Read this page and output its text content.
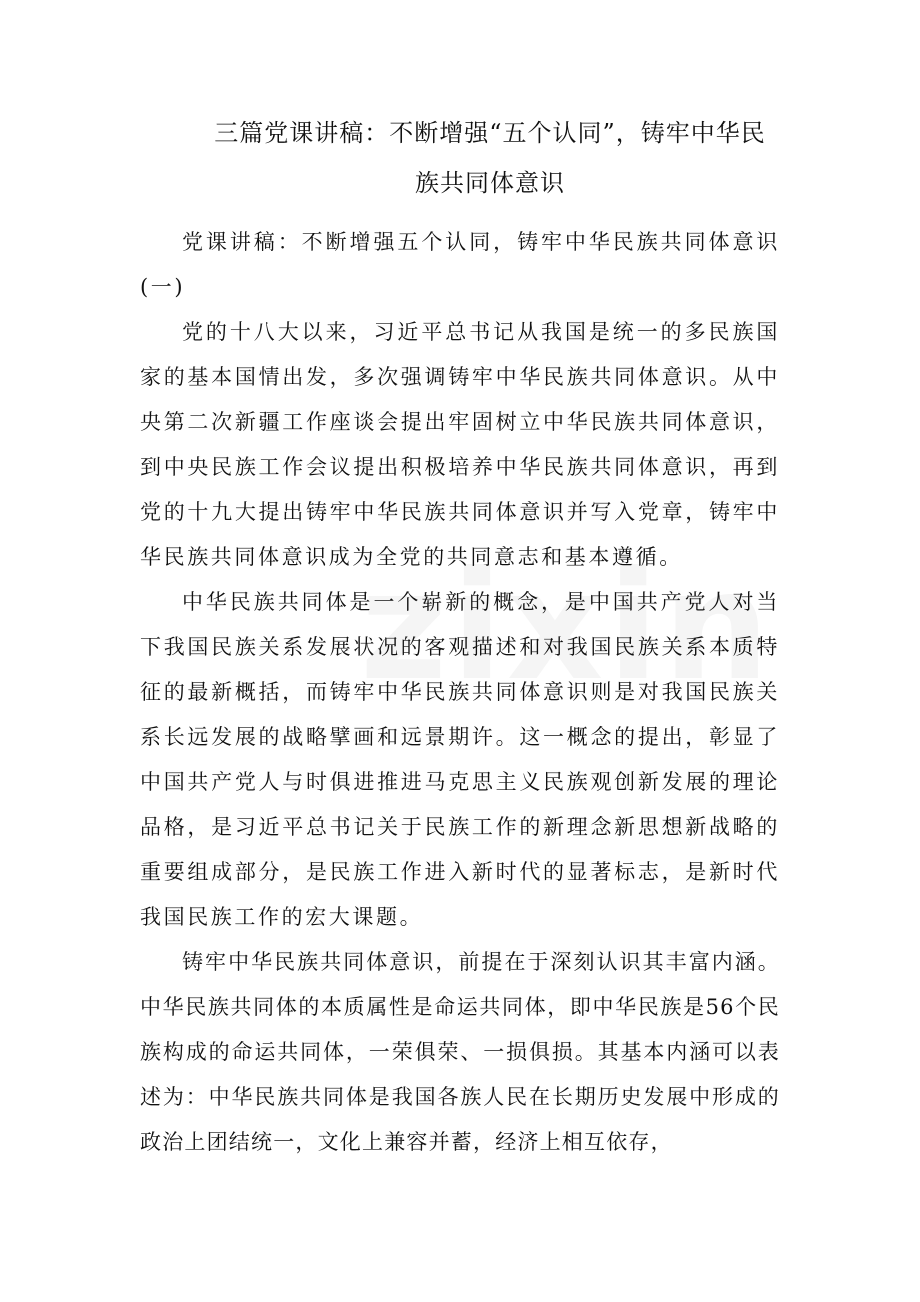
三篇党课讲稿：不断增强“五个认同”，铸牢中华民
族共同体意识

党课讲稿：不断增强五个认同，铸牢中华民族共同体意识(一)

党的十八大以来，习近平总书记从我国是统一的多民族国家的基本国情出发，多次强调铸牢中华民族共同体意识。从中央第二次新疆工作座谈会提出牢固树立中华民族共同体意识，到中央民族工作会议提出积极培养中华民族共同体意识，再到党的十九大提出铸牢中华民族共同体意识并写入党章，铸牢中华民族共同体意识成为全党的共同意志和基本遵循。

中华民族共同体是一个崭新的概念，是中国共产党人对当下我国民族关系发展状况的客观描述和对我国民族关系本质特征的最新概括，而铸牢中华民族共同体意识则是对我国民族关系长远发展的战略擘画和远景期许。这一概念的提出，彰显了中国共产党人与时俱进推进马克思主义民族观创新发展的理论品格，是习近平总书记关于民族工作的新理念新思想新战略的重要组成部分，是民族工作进入新时代的显著标志，是新时代我国民族工作的宏大课题。

铸牢中华民族共同体意识，前提在于深刻认识其丰富内涵。中华民族共同体的本质属性是命运共同体，即中华民族是56个民族构成的命运共同体，一荣俱荣、一损俱损。其基本内涵可以表述为：中华民族共同体是我国各族人民在长期历史发展中形成的政治上团结统一，文化上兼容并蓄，经济上相互依存，
